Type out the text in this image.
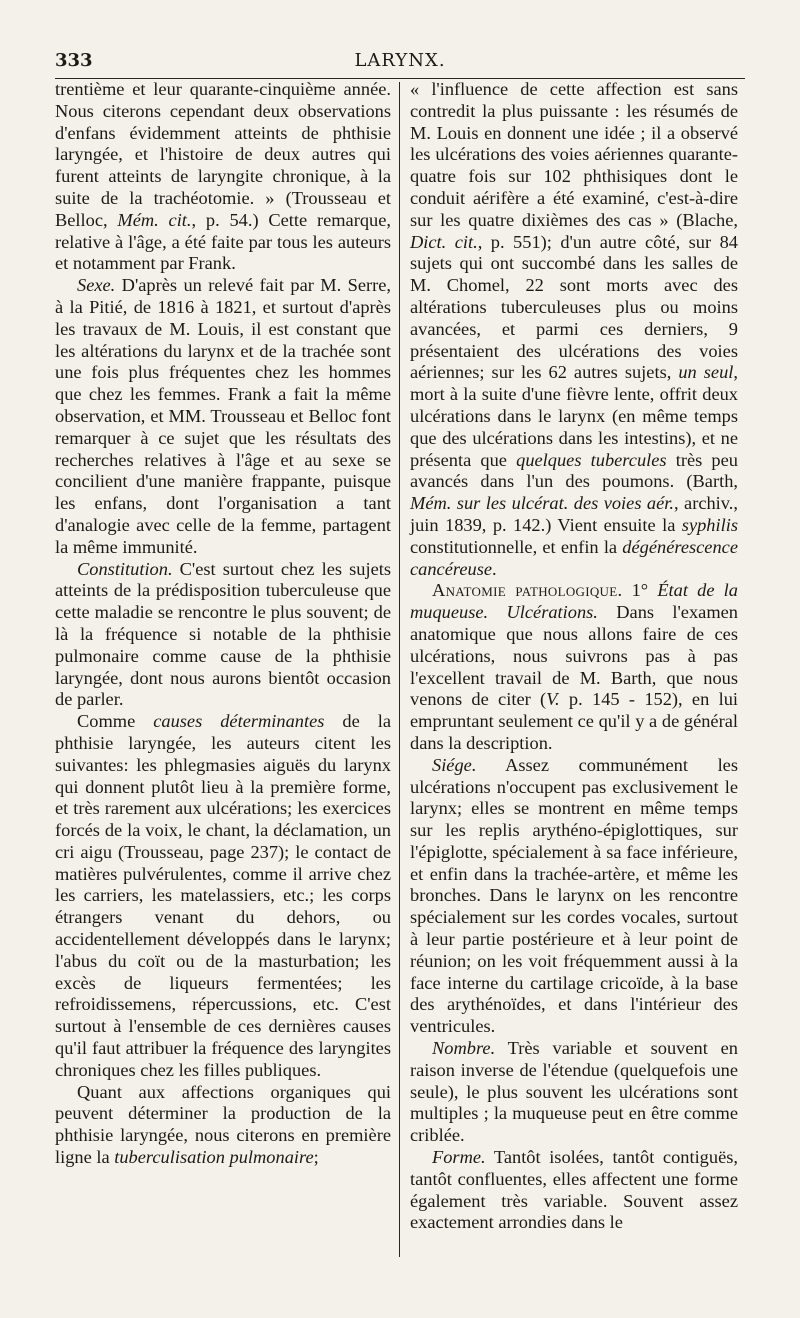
333	LARYNX.

trentième et leur quarante-cinquième année. Nous citerons cependant deux observations d'enfans évidemment atteints de phthisie laryngée, et l'histoire de deux autres qui furent atteints de laryngite chronique, à la suite de la trachéotomie. » (Trousseau et Belloc, Mém. cit., p. 54.) Cette remarque, relative à l'âge, a été faite par tous les auteurs et notamment par Frank.

Sexe. D'après un relevé fait par M. Serre, à la Pitié, de 1816 à 1821, et surtout d'après les travaux de M. Louis, il est constant que les altérations du larynx et de la trachée sont une fois plus fréquentes chez les hommes que chez les femmes. Frank a fait la même observation, et MM. Trousseau et Belloc font remarquer à ce sujet que les résultats des recherches relatives à l'âge et au sexe se concilient d'une manière frappante, puisque les enfans, dont l'organisation a tant d'analogie avec celle de la femme, partagent la même immunité.

Constitution. C'est surtout chez les sujets atteints de la prédisposition tuberculeuse que cette maladie se rencontre le plus souvent; de là la fréquence si notable de la phthisie pulmonaire comme cause de la phthisie laryngée, dont nous aurons bientôt occasion de parler.

Comme causes déterminantes de la phthisie laryngée, les auteurs citent les suivantes: les phlegmasies aiguës du larynx qui donnent plutôt lieu à la première forme, et très rarement aux ulcérations; les exercices forcés de la voix, le chant, la déclamation, un cri aigu (Trousseau, page 237); le contact de matières pulvérulentes, comme il arrive chez les carriers, les matelassiers, etc.; les corps étrangers venant du dehors, ou accidentellement développés dans le larynx; l'abus du coït ou de la masturbation; les excès de liqueurs fermentées; les refroidissemens, répercussions, etc. C'est surtout à l'ensemble de ces dernières causes qu'il faut attribuer la fréquence des laryngites chroniques chez les filles publiques.

Quant aux affections organiques qui peuvent déterminer la production de la phthisie laryngée, nous citerons en première ligne la tuberculisation pulmonaire;

« l'influence de cette affection est sans contredit la plus puissante : les résumés de M. Louis en donnent une idée ; il a observé les ulcérations des voies aériennes quarante-quatre fois sur 102 phthisiques dont le conduit aérifère a été examiné, c'est-à-dire sur les quatre dixièmes des cas » (Blache, Dict. cit., p. 551); d'un autre côté, sur 84 sujets qui ont succombé dans les salles de M. Chomel, 22 sont morts avec des altérations tuberculeuses plus ou moins avancées, et parmi ces derniers, 9 présentaient des ulcérations des voies aériennes; sur les 62 autres sujets, un seul, mort à la suite d'une fièvre lente, offrit deux ulcérations dans le larynx (en même temps que des ulcérations dans les intestins), et ne présenta que quelques tubercules très peu avancés dans l'un des poumons. (Barth, Mém. sur les ulcérat. des voies aér., archiv., juin 1839, p. 142.) Vient ensuite la syphilis constitutionnelle, et enfin la dégénérescence cancéreuse.

Anatomie pathologique. 1° État de la muqueuse. Ulcérations. Dans l'examen anatomique que nous allons faire de ces ulcérations, nous suivrons pas à pas l'excellent travail de M. Barth, que nous venons de citer (V. p. 145 - 152), en lui empruntant seulement ce qu'il y a de général dans la description.

Siége. Assez communément les ulcérations n'occupent pas exclusivement le larynx; elles se montrent en même temps sur les replis arythéno-épiglottiques, sur l'épiglotte, spécialement à sa face inférieure, et enfin dans la trachée-artère, et même les bronches. Dans le larynx on les rencontre spécialement sur les cordes vocales, surtout à leur partie postérieure et à leur point de réunion; on les voit fréquemment aussi à la face interne du cartilage cricoïde, à la base des arythénoïdes, et dans l'intérieur des ventricules.

Nombre. Très variable et souvent en raison inverse de l'étendue (quelquefois une seule), le plus souvent les ulcérations sont multiples ; la muqueuse peut en être comme criblée.

Forme. Tantôt isolées, tantôt contiguës, tantôt confluentes, elles affectent une forme également très variable. Souvent assez exactement arrondies dans le
